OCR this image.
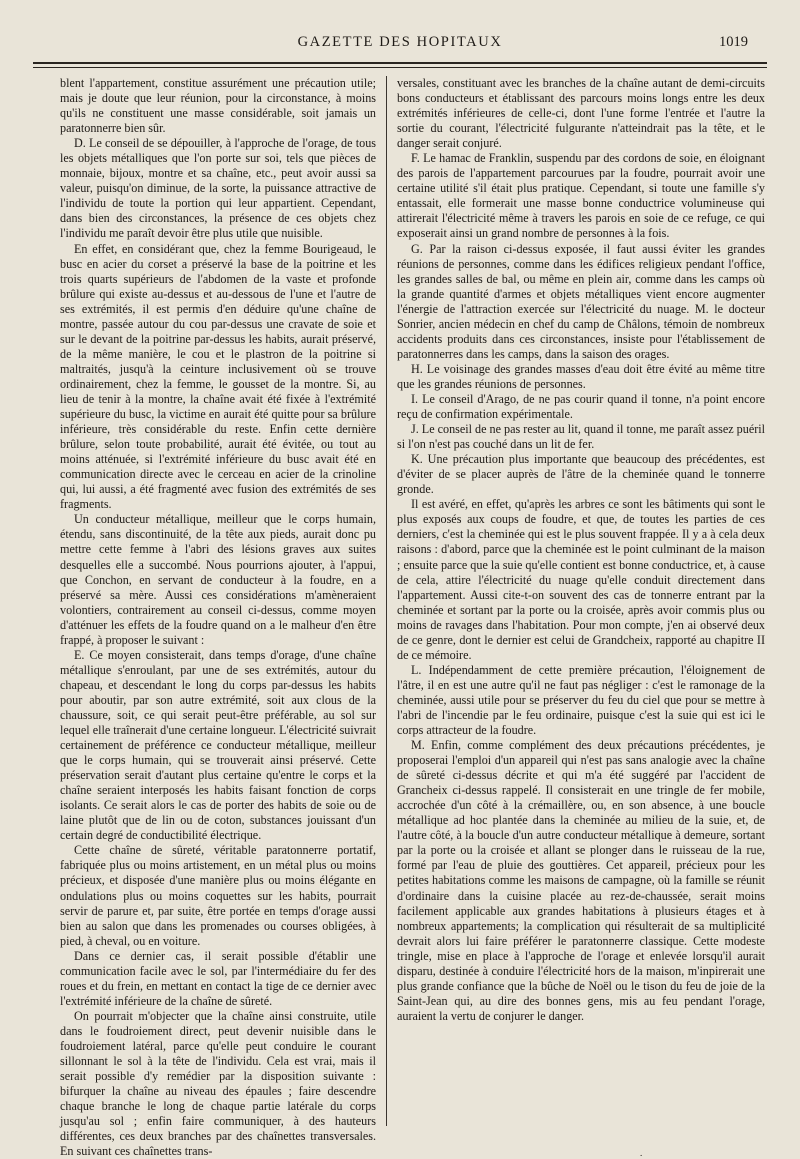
GAZETTE DES HOPITAUX	1019

blent l'appartement, constitue assurément une précaution utile; mais je doute que leur réunion, pour la circonstance, à moins qu'ils ne constituent une masse considérable, soit jamais un paratonnerre bien sûr.

D. Le conseil de se dépouiller, à l'approche de l'orage, de tous les objets métalliques que l'on porte sur soi, tels que pièces de monnaie, bijoux, montre et sa chaîne, etc., peut avoir aussi sa valeur, puisqu'on diminue, de la sorte, la puissance attractive de l'individu de toute la portion qui leur appartient. Cependant, dans bien des circonstances, la présence de ces objets chez l'individu me paraît devoir être plus utile que nuisible.

En effet, en considérant que, chez la femme Bourigeaud, le busc en acier du corset a préservé la base de la poitrine et les trois quarts supérieurs de l'abdomen de la vaste et profonde brûlure qui existe au-dessus et au-dessous de l'une et l'autre de ses extrémités, il est permis d'en déduire qu'une chaîne de montre, passée autour du cou par-dessus une cravate de soie et sur le devant de la poitrine par-dessus les habits, aurait préservé, de la même manière, le cou et le plastron de la poitrine si maltraités, jusqu'à la ceinture inclusivement où se trouve ordinairement, chez la femme, le gousset de la montre. Si, au lieu de tenir à la montre, la chaîne avait été fixée à l'extrémité supérieure du busc, la victime en aurait été quitte pour sa brûlure inférieure, très considérable du reste. Enfin cette dernière brûlure, selon toute probabilité, aurait été évitée, ou tout au moins atténuée, si l'extrémité inférieure du busc avait été en communication directe avec le cerceau en acier de la crinoline qui, lui aussi, a été fragmenté avec fusion des extrémités de ses fragments.

Un conducteur métallique, meilleur que le corps humain, étendu, sans discontinuité, de la tête aux pieds, aurait donc pu mettre cette femme à l'abri des lésions graves aux suites desquelles elle a succombé. Nous pourrions ajouter, à l'appui, que Conchon, en servant de conducteur à la foudre, en a préservé sa mère. Aussi ces considérations m'amèneraient volontiers, contrairement au conseil ci-dessus, comme moyen d'atténuer les effets de la foudre quand on a le malheur d'en être frappé, à proposer le suivant :

E. Ce moyen consisterait, dans temps d'orage, d'une chaîne métallique s'enroulant, par une de ses extrémités, autour du chapeau, et descendant le long du corps par-dessus les habits pour aboutir, par son autre extrémité, soit aux clous de la chaussure, soit, ce qui serait peut-être préférable, au sol sur lequel elle traînerait d'une certaine longueur. L'électricité suivrait certainement de préférence ce conducteur métallique, meilleur que le corps humain, qui se trouverait ainsi préservé. Cette préservation serait d'autant plus certaine qu'entre le corps et la chaîne seraient interposés les habits faisant fonction de corps isolants. Ce serait alors le cas de porter des habits de soie ou de laine plutôt que de lin ou de coton, substances jouissant d'un certain degré de conductibilité électrique.

Cette chaîne de sûreté, véritable paratonnerre portatif, fabriquée plus ou moins artistement, en un métal plus ou moins précieux, et disposée d'une manière plus ou moins élégante en ondulations plus ou moins coquettes sur les habits, pourrait servir de parure et, par suite, être portée en temps d'orage aussi bien au salon que dans les promenades ou courses obligées, à pied, à cheval, ou en voiture.

Dans ce dernier cas, il serait possible d'établir une communication facile avec le sol, par l'intermédiaire du fer des roues et du frein, en mettant en contact la tige de ce dernier avec l'extrémité inférieure de la chaîne de sûreté.

On pourrait m'objecter que la chaîne ainsi construite, utile dans le foudroiement direct, peut devenir nuisible dans le foudroiement latéral, parce qu'elle peut conduire le courant sillonnant le sol à la tête de l'individu. Cela est vrai, mais il serait possible d'y remédier par la disposition suivante : bifurquer la chaîne au niveau des épaules ; faire descendre chaque branche le long de chaque partie latérale du corps jusqu'au sol ; enfin faire communiquer, à des hauteurs différentes, ces deux branches par des chaînettes transversales. En suivant ces chaînettes trans-

versales, constituant avec les branches de la chaîne autant de demi-circuits bons conducteurs et établissant des parcours moins longs entre les deux extrémités inférieures de celle-ci, dont l'une forme l'entrée et l'autre la sortie du courant, l'électricité fulgurante n'atteindrait pas la tête, et le danger serait conjuré.

F. Le hamac de Franklin, suspendu par des cordons de soie, en éloignant des parois de l'appartement parcourues par la foudre, pourrait avoir une certaine utilité s'il était plus pratique. Cependant, si toute une famille s'y entassait, elle formerait une masse bonne conductrice volumineuse qui attirerait l'électricité même à travers les parois en soie de ce refuge, ce qui exposerait ainsi un grand nombre de personnes à la fois.

G. Par la raison ci-dessus exposée, il faut aussi éviter les grandes réunions de personnes, comme dans les édifices religieux pendant l'office, les grandes salles de bal, ou même en plein air, comme dans les camps où la grande quantité d'armes et objets métalliques vient encore augmenter l'énergie de l'attraction exercée sur l'électricité du nuage. M. le docteur Sonrier, ancien médecin en chef du camp de Châlons, témoin de nombreux accidents produits dans ces circonstances, insiste pour l'établissement de paratonnerres dans les camps, dans la saison des orages.

H. Le voisinage des grandes masses d'eau doit être évité au même titre que les grandes réunions de personnes.

I. Le conseil d'Arago, de ne pas courir quand il tonne, n'a point encore reçu de confirmation expérimentale.

J. Le conseil de ne pas rester au lit, quand il tonne, me paraît assez puéril si l'on n'est pas couché dans un lit de fer.

K. Une précaution plus importante que beaucoup des précédentes, est d'éviter de se placer auprès de l'âtre de la cheminée quand le tonnerre gronde.

Il est avéré, en effet, qu'après les arbres ce sont les bâtiments qui sont le plus exposés aux coups de foudre, et que, de toutes les parties de ces derniers, c'est la cheminée qui est le plus souvent frappée. Il y a à cela deux raisons : d'abord, parce que la cheminée est le point culminant de la maison ; ensuite parce que la suie qu'elle contient est bonne conductrice, et, à cause de cela, attire l'électricité du nuage qu'elle conduit directement dans l'appartement. Aussi cite-t-on souvent des cas de tonnerre entrant par la cheminée et sortant par la porte ou la croisée, après avoir commis plus ou moins de ravages dans l'habitation. Pour mon compte, j'en ai observé deux de ce genre, dont le dernier est celui de Grandcheix, rapporté au chapitre II de ce mémoire.

L. Indépendamment de cette première précaution, l'éloignement de l'âtre, il en est une autre qu'il ne faut pas négliger : c'est le ramonage de la cheminée, aussi utile pour se préserver du feu du ciel que pour se mettre à l'abri de l'incendie par le feu ordinaire, puisque c'est la suie qui est ici le corps attracteur de la foudre.

M. Enfin, comme complément des deux précautions précédentes, je proposerai l'emploi d'un appareil qui n'est pas sans analogie avec la chaîne de sûreté ci-dessus décrite et qui m'a été suggéré par l'accident de Grancheix ci-dessus rappelé. Il consisterait en une tringle de fer mobile, accrochée d'un côté à la crémaillère, ou, en son absence, à une boucle métallique ad hoc plantée dans la cheminée au milieu de la suie, et, de l'autre côté, à la boucle d'un autre conducteur métallique à demeure, sortant par la porte ou la croisée et allant se plonger dans le ruisseau de la rue, formé par l'eau de pluie des gouttières. Cet appareil, précieux pour les petites habitations comme les maisons de campagne, où la famille se réunit d'ordinaire dans la cuisine placée au rez-de-chaussée, serait moins facilement applicable aux grandes habitations à plusieurs étages et à nombreux appartements; la complication qui résulterait de sa multiplicité devrait alors lui faire préférer le paratonnerre classique. Cette modeste tringle, mise en place à l'approche de l'orage et enlevée lorsqu'il aurait disparu, destinée à conduire l'électricité hors de la maison, m'inpirerait une plus grande confiance que la bûche de Noël ou le tison du feu de joie de la Saint-Jean qui, au dire des bonnes gens, mis au feu pendant l'orage, auraient la vertu de conjurer le danger.

.
